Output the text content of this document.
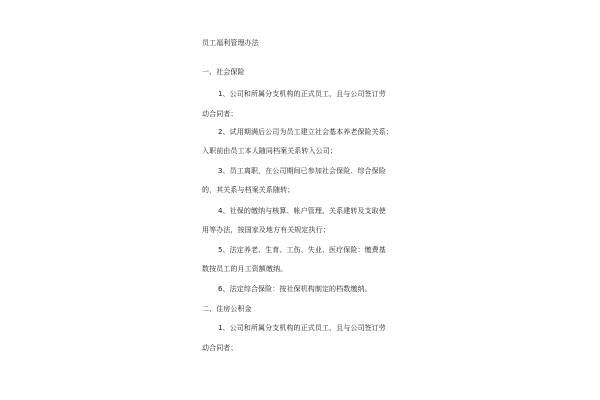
员工福利管理办法
一、社会保险
1、公司和所属分支机构的正式员工，且与公司签订劳
动合同者；
2、试用期满后公司为员工建立社会基本养老保险关系；
入职前由员工本人随同档案关系转入公司；
3、员工离职，在公司期间已参加社会保险、综合保险
的，其关系与档案关系随转；
4、社保的缴纳与核算、帐户管理、关系建转及支取使
用等办法，按国家及地方有关规定执行；
5、法定养老、生育、工伤、失业、医疗保险：缴费基
数按员工的月工资额缴纳。
6、法定综合保险：按社保机构制定的档数缴纳。
二、住房公积金
1、公司和所属分支机构的正式员工，且与公司签订劳
动合同者；
